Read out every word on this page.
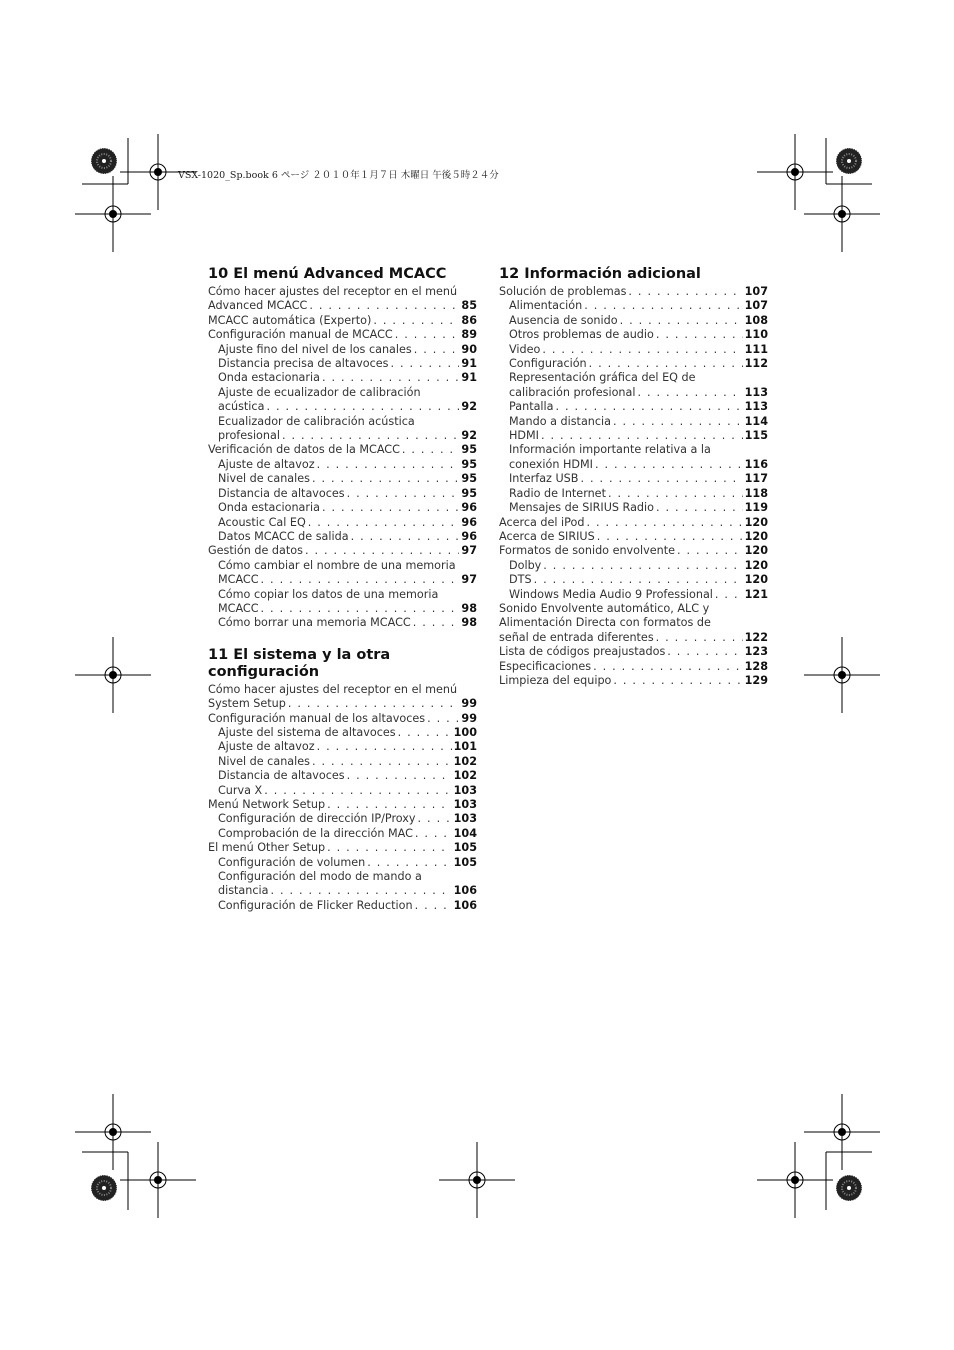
VSX-1020_Sp.book 6 ページ ２０１０年１月７日 木曜日 午後５時２４分
10 El menú Advanced MCACC
Cómo hacer ajustes del receptor en el menú
Advanced MCACC . . .	85
MCACC automática (Experto) . . .	86
Configuración manual de MCACC . . .	89
Ajuste fino del nivel de los canales . . .	90
Distancia precisa de altavoces . . .	91
Onda estacionaria . . .	91
Ajuste de ecualizador de calibración
acústica . . .	92
Ecualizador de calibración acústica
profesional . . .	92
Verificación de datos de la MCACC . . .	95
Ajuste de altavoz . . .	95
Nivel de canales . . .	95
Distancia de altavoces . . .	95
Onda estacionaria . . .	96
Acoustic Cal EQ . . .	96
Datos MCACC de salida . . .	96
Gestión de datos . . .	97
Cómo cambiar el nombre de una memoria
MCACC . . .	97
Cómo copiar los datos de una memoria
MCACC . . .	98
Cómo borrar una memoria MCACC . . .	98
11 El sistema y la otra configuración
Cómo hacer ajustes del receptor en el menú
System Setup . . .	99
Configuración manual de los altavoces . . .	99
Ajuste del sistema de altavoces . . .	100
Ajuste de altavoz . . .	101
Nivel de canales . . .	102
Distancia de altavoces . . .	102
Curva X . . .	103
Menú Network Setup . . .	103
Configuración de dirección IP/Proxy . . .	103
Comprobación de la dirección MAC . . .	104
El menú Other Setup . . .	105
Configuración de volumen . . .	105
Configuración del modo de mando a
distancia . . .	106
Configuración de Flicker Reduction . . .	106
12 Información adicional
Solución de problemas . . .	107
Alimentación . . .	107
Ausencia de sonido . . .	108
Otros problemas de audio . . .	110
Video . . .	111
Configuración . . .	112
Representación gráfica del EQ de
calibración profesional . . .	113
Pantalla . . .	113
Mando a distancia . . .	114
HDMI . . .	115
Información importante relativa a la
conexión HDMI . . .	116
Interfaz USB . . .	117
Radio de Internet . . .	118
Mensajes de SIRIUS Radio . . .	119
Acerca del iPod . . .	120
Acerca de SIRIUS . . .	120
Formatos de sonido envolvente . . .	120
Dolby . . .	120
DTS . . .	120
Windows Media Audio 9 Professional . . .	121
Sonido Envolvente automático, ALC y
Alimentación Directa con formatos de
señal de entrada diferentes . . .	122
Lista de códigos preajustados . . .	123
Especificaciones . . .	128
Limpieza del equipo . . .	129
